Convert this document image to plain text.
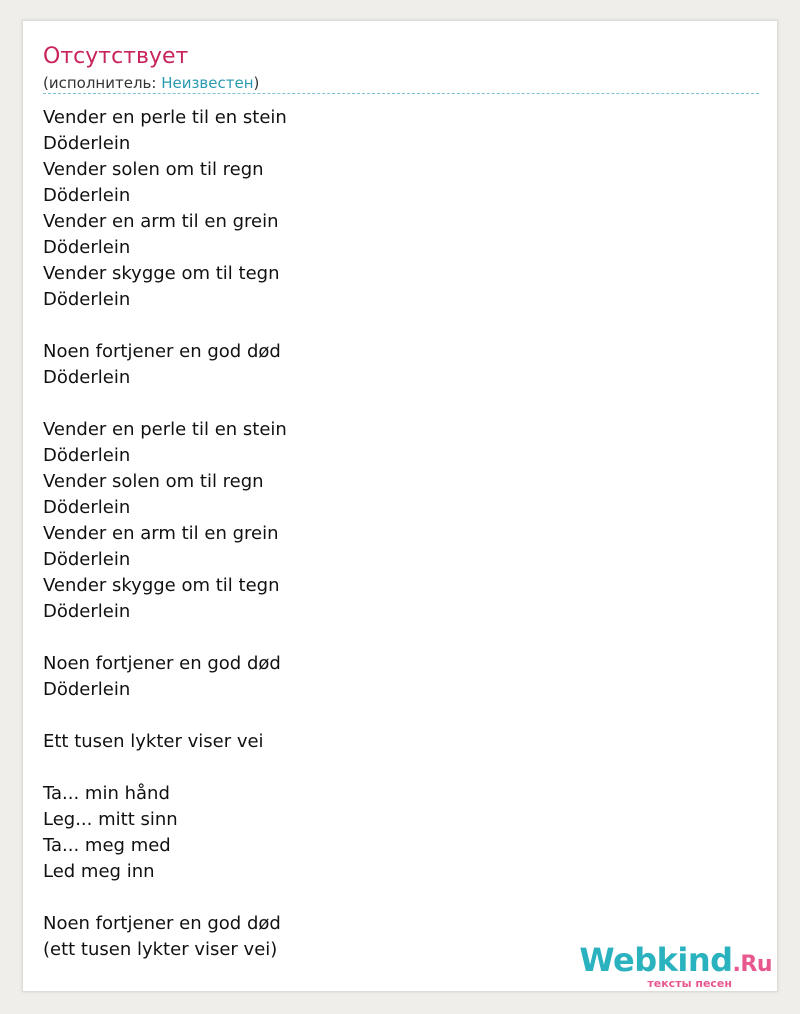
Отсутствует
(исполнитель: Неизвестен)
Vender en perle til en stein
Döderlein
Vender solen om til regn
Döderlein
Vender en arm til en grein
Döderlein
Vender skygge om til tegn
Döderlein
Noen fortjener en god død
Döderlein
Vender en perle til en stein
Döderlein
Vender solen om til regn
Döderlein
Vender en arm til en grein
Döderlein
Vender skygge om til tegn
Döderlein
Noen fortjener en god død
Döderlein
Ett tusen lykter viser vei
Ta... min hånd
Leg... mitt sinn
Ta... meg med
Led meg inn
Noen fortjener en god død
(ett tusen lykter viser vei)	Webkind.Ru
тексты песен
